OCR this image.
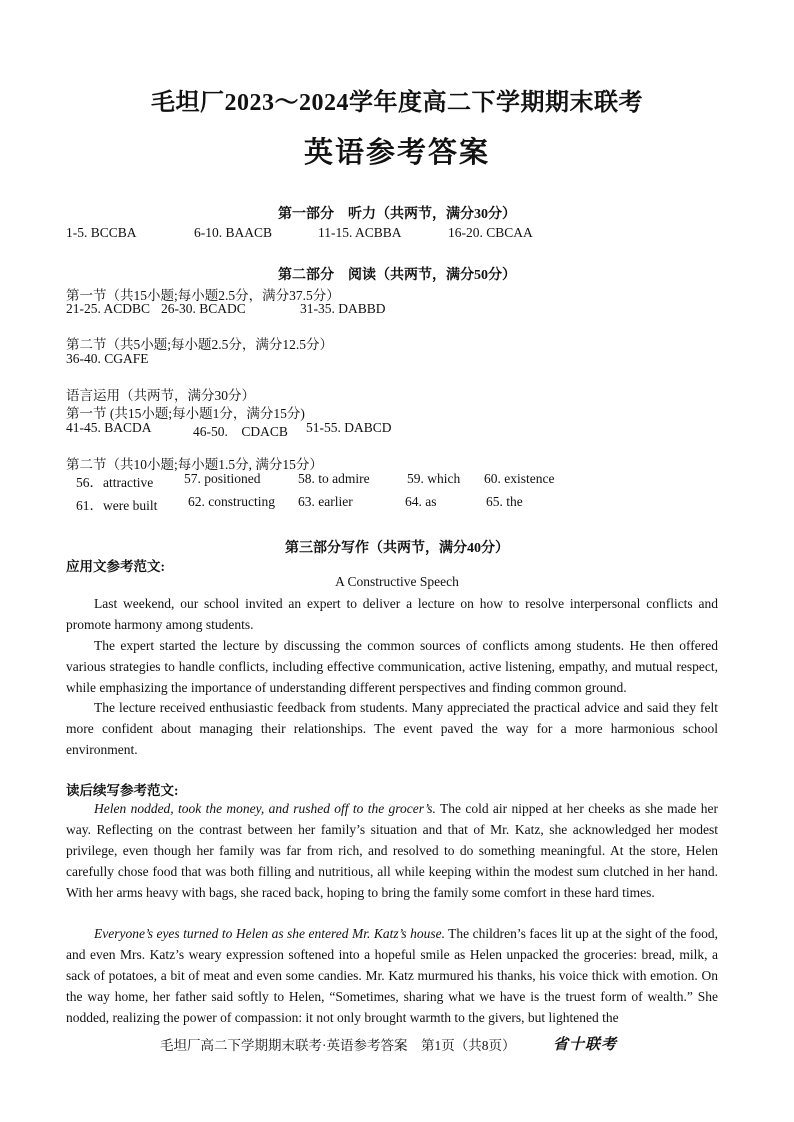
毛坦厂2023～2024学年度高二下学期期末联考
英语参考答案
第一部分　听力（共两节，满分30分）
1-5. BCCBA	6-10. BAACB	11-15. ACBBA	16-20. CBCAA
第二部分　阅读（共两节，满分50分）
第一节（共15小题;每小题2.5分，满分37.5分）
21-25. ACDBC 26-30. BCADC	31-35. DABBD
第二节（共5小题;每小题2.5分，满分12.5分）
36-40. CGAFE
语言运用（共两节，满分30分）
第一节 (共15小题;每小题1分，满分15分)
41-45. BACDA	46-50.　CDACB 51-55. DABCD
第二节（共10小题;每小题1.5分, 满分15分）
56．attractive 57. positioned	58. to admire	59. which 60. existence
61．were built 62. constructing 63. earlier	64. as	65. the
第三部分写作（共两节，满分40分）
应用文参考范文:
A Constructive Speech

Last weekend, our school invited an expert to deliver a lecture on how to resolve interpersonal conflicts and promote harmony among students.

The expert started the lecture by discussing the common sources of conflicts among students. He then offered various strategies to handle conflicts, including effective communication, active listening, empathy, and mutual respect, while emphasizing the importance of understanding different perspectives and finding common ground.

The lecture received enthusiastic feedback from students. Many appreciated the practical advice and said they felt more confident about managing their relationships. The event paved the way for a more harmonious school environment.

读后续写参考范文:

Helen nodded, took the money, and rushed off to the grocer’s. The cold air nipped at her cheeks as she made her way. Reflecting on the contrast between her family’s situation and that of Mr. Katz, she acknowledged her modest privilege, even though her family was far from rich, and resolved to do something meaningful. At the store, Helen carefully chose food that was both filling and nutritious, all while keeping within the modest sum clutched in her hand. With her arms heavy with bags, she raced back, hoping to bring the family some comfort in these hard times.

Everyone’s eyes turned to Helen as she entered Mr. Katz’s house. The children’s faces lit up at the sight of the food, and even Mrs. Katz’s weary expression softened into a hopeful smile as Helen unpacked the groceries: bread, milk, a sack of potatoes, a bit of meat and even some candies. Mr. Katz murmured his thanks, his voice thick with emotion. On the way home, her father said softly to Helen, “Sometimes, sharing what we have is the truest form of wealth.” She nodded, realizing the power of compassion: it not only brought warmth to the givers, but lightened the

毛坦厂高二下学期期末联考·英语参考答案　第1页（共8页）	省十联考
